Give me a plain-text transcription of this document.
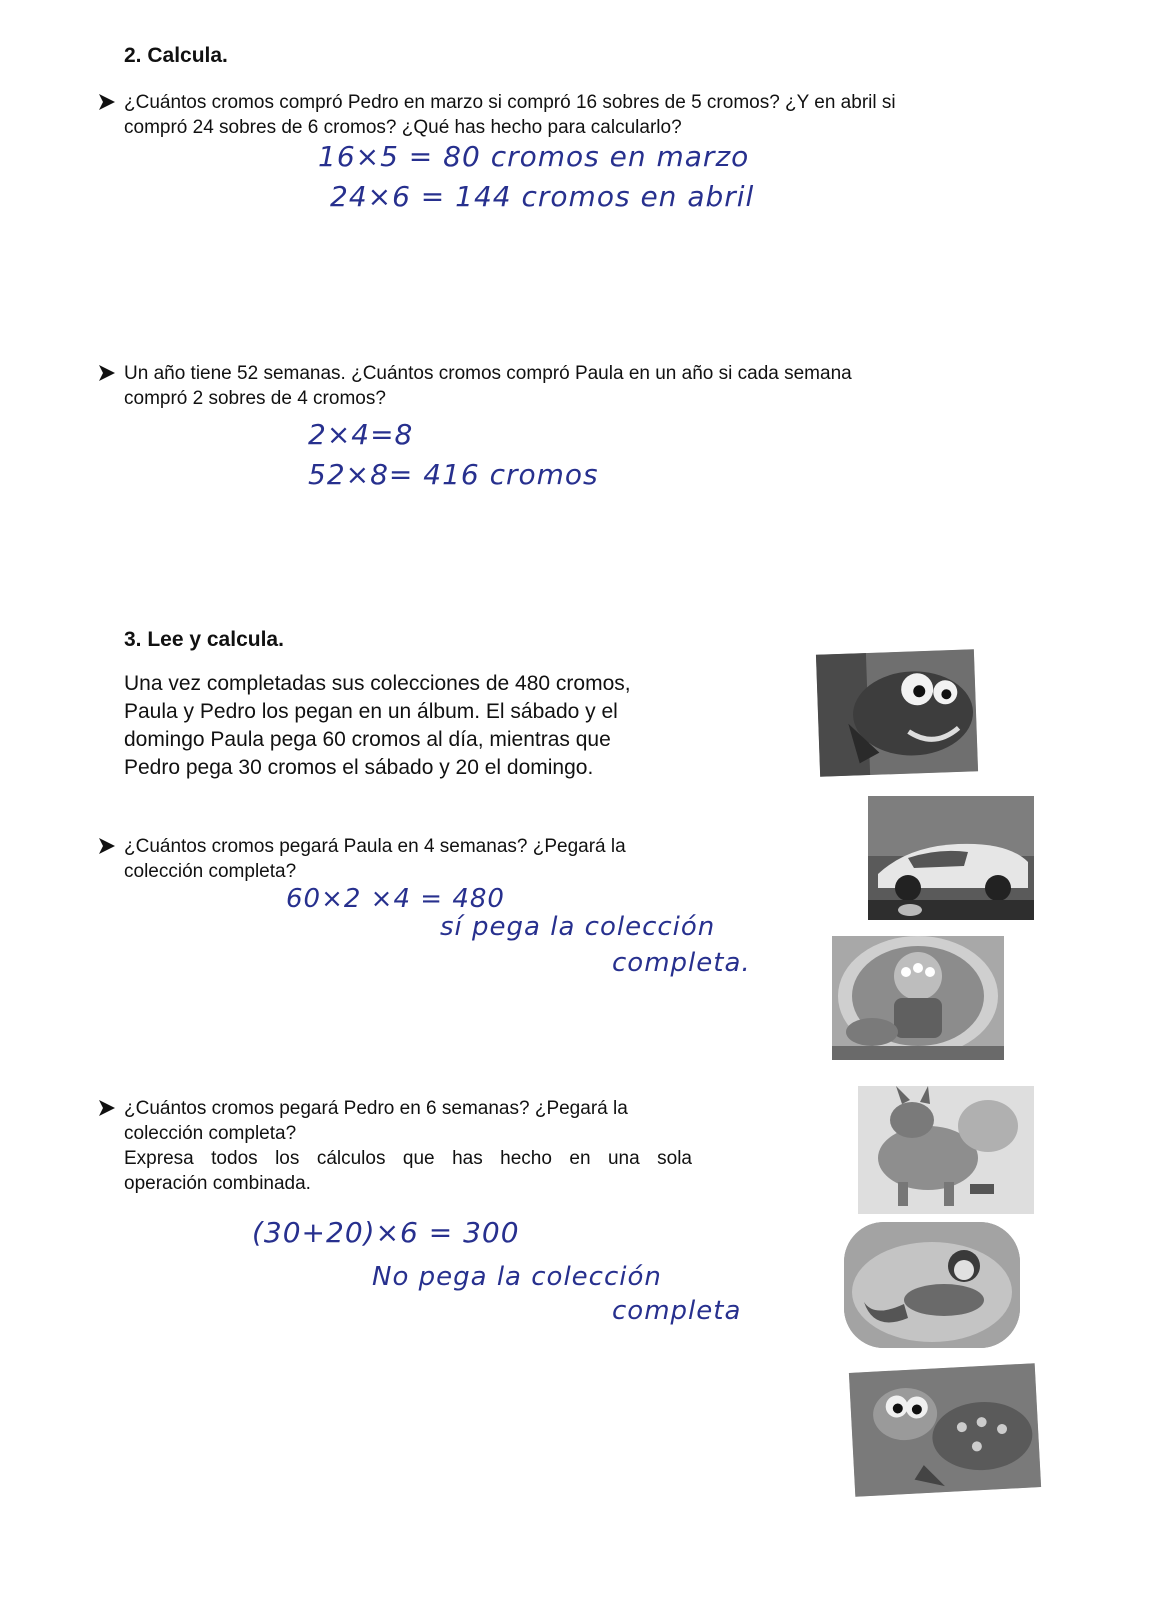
2. Calcula.

¿Cuántos cromos compró Pedro en marzo si compró 16 sobres de 5 cromos? ¿Y en abril si
compró 24 sobres de 6 cromos? ¿Qué has hecho para calcularlo?

16×5 = 80 cromos en marzo
24×6 = 144 cromos en abril

Un año tiene 52 semanas. ¿Cuántos cromos compró Paula en un año si cada semana
compró 2 sobres de 4 cromos?

2×4=8
52×8= 416 cromos
3. Lee y calcula.
Una vez completadas sus colecciones de 480 cromos,
Paula y Pedro los pegan en un álbum. El sábado y el
domingo Paula pega 60 cromos al día, mientras que
Pedro pega 30 cromos el sábado y 20 el domingo.

¿Cuántos cromos pegará Paula en 4 semanas? ¿Pegará la
colección completa?

60×2 ×4 = 480
sí pega la colección
completa.

¿Cuántos cromos pegará Pedro en 6 semanas? ¿Pegará la
colección completa?
Expresa todos los cálculos que has hecho en una sola
operación combinada.

(30+20)×6 = 300
No pega la colección
completa
